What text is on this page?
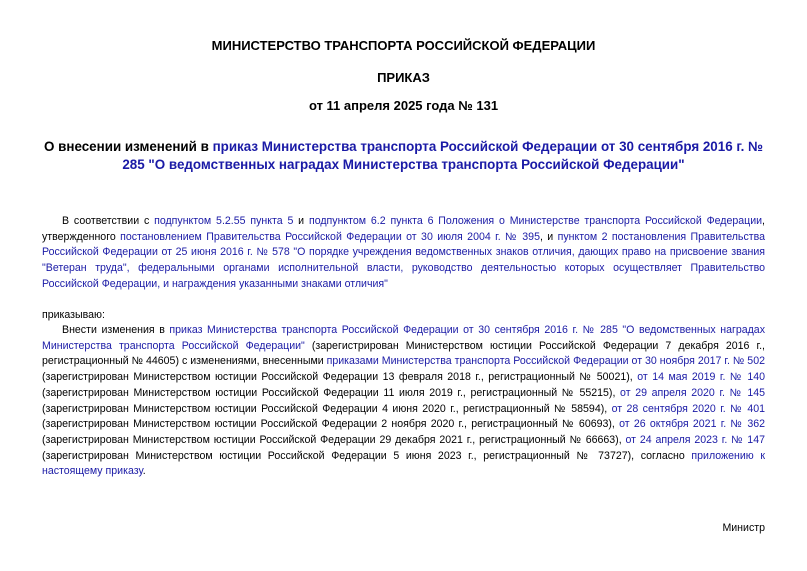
МИНИСТЕРСТВО ТРАНСПОРТА РОССИЙСКОЙ ФЕДЕРАЦИИ

ПРИКАЗ

от 11 апреля 2025 года № 131

О внесении изменений в приказ Министерства транспорта Российской Федерации от 30 сентября 2016 г. № 285 "О ведомственных наградах Министерства транспорта Российской Федерации"

В соответствии с подпунктом 5.2.55 пункта 5 и подпунктом 6.2 пункта 6 Положения о Министерстве транспорта Российской Федерации, утвержденного постановлением Правительства Российской Федерации от 30 июля 2004 г. № 395, и пунктом 2 постановления Правительства Российской Федерации от 25 июня 2016 г. № 578 "О порядке учреждения ведомственных знаков отличия, дающих право на присвоение звания "Ветеран труда", федеральными органами исполнительной власти, руководство деятельностью которых осуществляет Правительство Российской Федерации, и награждения указанными знаками отличия"

приказываю:

Внести изменения в приказ Министерства транспорта Российской Федерации от 30 сентября 2016 г. № 285 "О ведомственных наградах Министерства транспорта Российской Федерации" (зарегистрирован Министерством юстиции Российской Федерации 7 декабря 2016 г., регистрационный № 44605) с изменениями, внесенными приказами Министерства транспорта Российской Федерации от 30 ноября 2017 г. № 502 (зарегистрирован Министерством юстиции Российской Федерации 13 февраля 2018 г., регистрационный № 50021), от 14 мая 2019 г. № 140 (зарегистрирован Министерством юстиции Российской Федерации 11 июля 2019 г., регистрационный № 55215), от 29 апреля 2020 г. № 145 (зарегистрирован Министерством юстиции Российской Федерации 4 июня 2020 г., регистрационный № 58594), от 28 сентября 2020 г. № 401 (зарегистрирован Министерством юстиции Российской Федерации 2 ноября 2020 г., регистрационный № 60693), от 26 октября 2021 г. № 362 (зарегистрирован Министерством юстиции Российской Федерации 29 декабря 2021 г., регистрационный № 66663), от 24 апреля 2023 г. № 147 (зарегистрирован Министерством юстиции Российской Федерации 5 июня 2023 г., регистрационный № 73727), согласно приложению к настоящему приказу.

Министр
